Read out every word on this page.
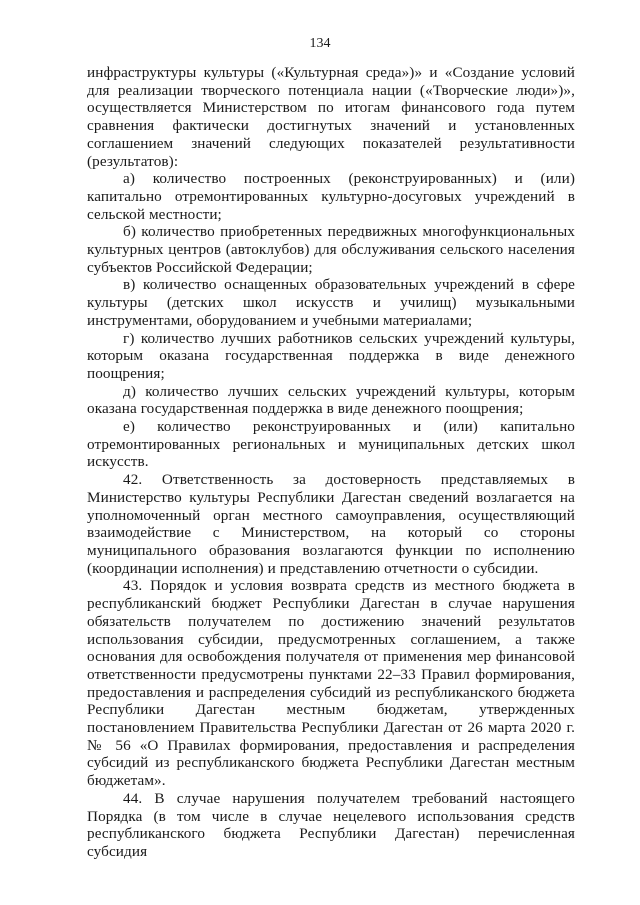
134

инфраструктуры культуры («Культурная среда»)» и «Создание условий для реализации творческого потенциала нации («Творческие люди»)», осуществляется Министерством по итогам финансового года путем сравнения фактически достигнутых значений и установленных соглашением значений следующих показателей результативности (результатов):

а) количество построенных (реконструированных) и (или) капитально отремонтированных культурно-досуговых учреждений в сельской местности;

б) количество приобретенных передвижных многофункциональных культурных центров (автоклубов) для обслуживания сельского населения субъектов Российской Федерации;

в) количество оснащенных образовательных учреждений в сфере культуры (детских школ искусств и училищ) музыкальными инструментами, оборудованием и учебными материалами;

г) количество лучших работников сельских учреждений культуры, которым оказана государственная поддержка в виде денежного поощрения;

д) количество лучших сельских учреждений культуры, которым оказана государственная поддержка в виде денежного поощрения;

е) количество реконструированных и (или) капитально отремонтированных региональных и муниципальных детских школ искусств.

42. Ответственность за достоверность представляемых в Министерство культуры Республики Дагестан сведений возлагается на уполномоченный орган местного самоуправления, осуществляющий взаимодействие с Министерством, на который со стороны муниципального образования возлагаются функции по исполнению (координации исполнения) и представлению отчетности о субсидии.

43. Порядок и условия возврата средств из местного бюджета в республиканский бюджет Республики Дагестан в случае нарушения обязательств получателем по достижению значений результатов использования субсидии, предусмотренных соглашением, а также основания для освобождения получателя от применения мер финансовой ответственности предусмотрены пунктами 22–33 Правил формирования, предоставления и распределения субсидий из республиканского бюджета Республики Дагестан местным бюджетам, утвержденных постановлением Правительства Республики Дагестан от 26 марта 2020 г. № 56 «О Правилах формирования, предоставления и распределения субсидий из республиканского бюджета Республики Дагестан местным бюджетам».

44. В случае нарушения получателем требований настоящего Порядка (в том числе в случае нецелевого использования средств республиканского бюджета Республики Дагестан) перечисленная субсидия
